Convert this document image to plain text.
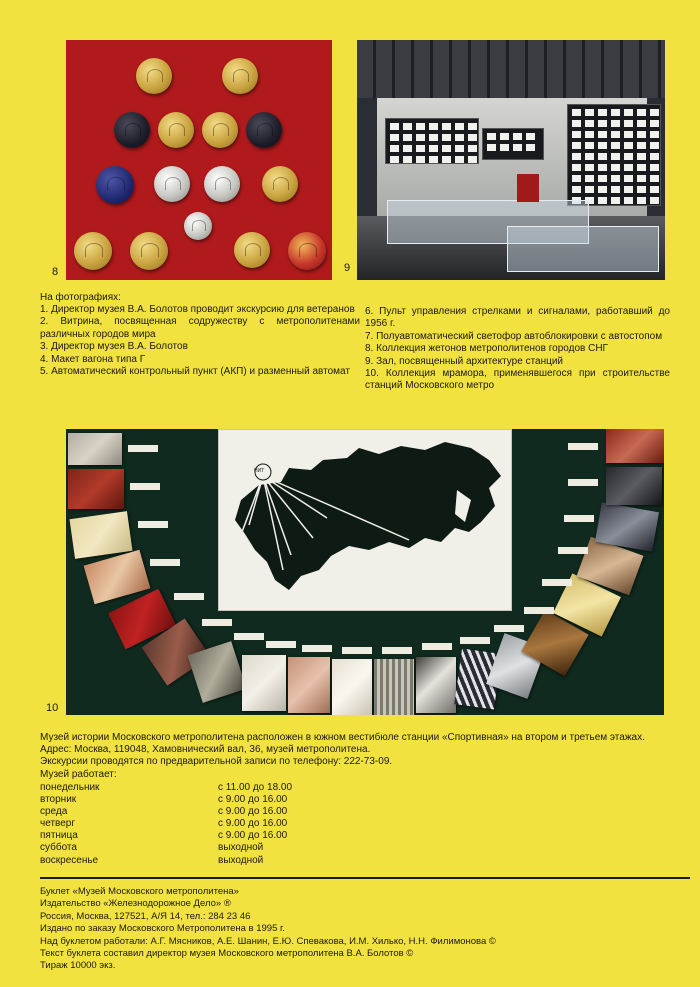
8	9
На фотографиях:

1. Директор музея В.А. Болотов проводит экскурсию для ветеранов

2. Витрина, посвященная содружеству с метрополитенами различных городов мира

3. Директор музея В.А. Болотов

4. Макет вагона типа Г

5. Автоматический контрольный пункт (АКП) и разменный автомат

6. Пульт управления стрелками и сигналами, работавший до 1956 г.

7. Полуавтоматический светофор автоблокировки с автостопом

8. Коллекция жетонов метрополитенов городов СНГ

9. Зал, посвященный архитектуре станций

10. Коллекция мрамора, применявшегося при строительстве станций Московского метро

НИТ
10

Музей истории Московского метрополитена расположен в южном вестибюле станции «Спортивная» на втором и третьем этажах.

Адрес: Москва, 119048, Хамовнический вал, 36, музей метрополитена.

Экскурсии проводятся по предварительной записи по телефону: 222-73-09.

Музей работает:

понедельник	с 11.00 до 18.00
вторник	с 9.00 до 16.00
среда	с 9.00 до 16.00
четверг	с 9.00 до 16.00
пятница	с 9.00 до 16.00
суббота	выходной
воскресенье	выходной

Буклет «Музей Московского метрополитена»

Издательство «Железнодорожное Дело» ®

Россия, Москва, 127521, А/Я 14, тел.: 284 23 46

Издано по заказу Московского Метрополитена в 1995 г.

Над буклетом работали: А.Г. Мясников, А.Е. Шанин, Е.Ю. Спевакова, И.М. Хилько, Н.Н. Филимонова ©

Текст буклета составил директор музея Московского метрополитена В.А. Болотов ©

Тираж 10000 экз.
